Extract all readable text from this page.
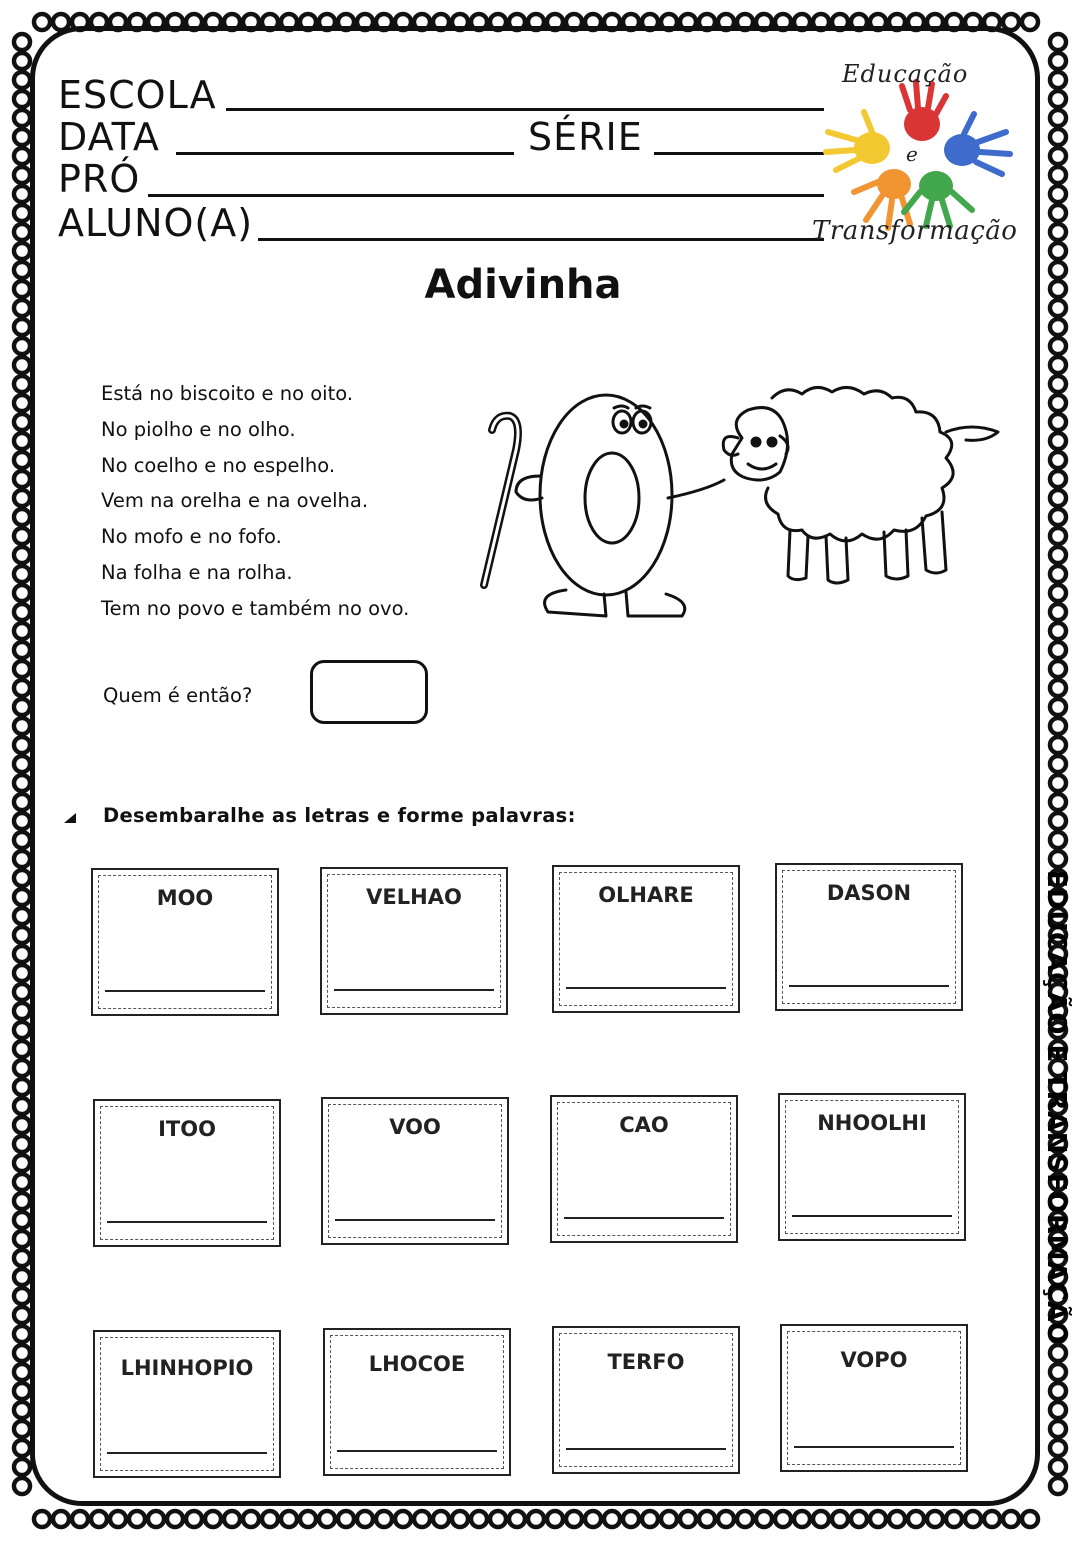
ESCOLA
DATA	SÉRIE
PRÓ
ALUNO(A)
Educação
e
Transformação
Adivinha
Está no biscoito e no oito.
No piolho e no olho.
No coelho e no espelho.
Vem na orelha e na ovelha.
No mofo e no fofo.
Na folha e na rolha.
Tem no povo e também no ovo.
Quem é então?
Desembaralhe as letras e forme palavras:
MOO	VELHAO	OLHARE	DASON
ITOO	VOO	CAO	NHOOLHI
LHINHOPIO	LHOCOE	TERFO	VOPO
EDUCAÇÃO E TRANSFORMAÇÃO
